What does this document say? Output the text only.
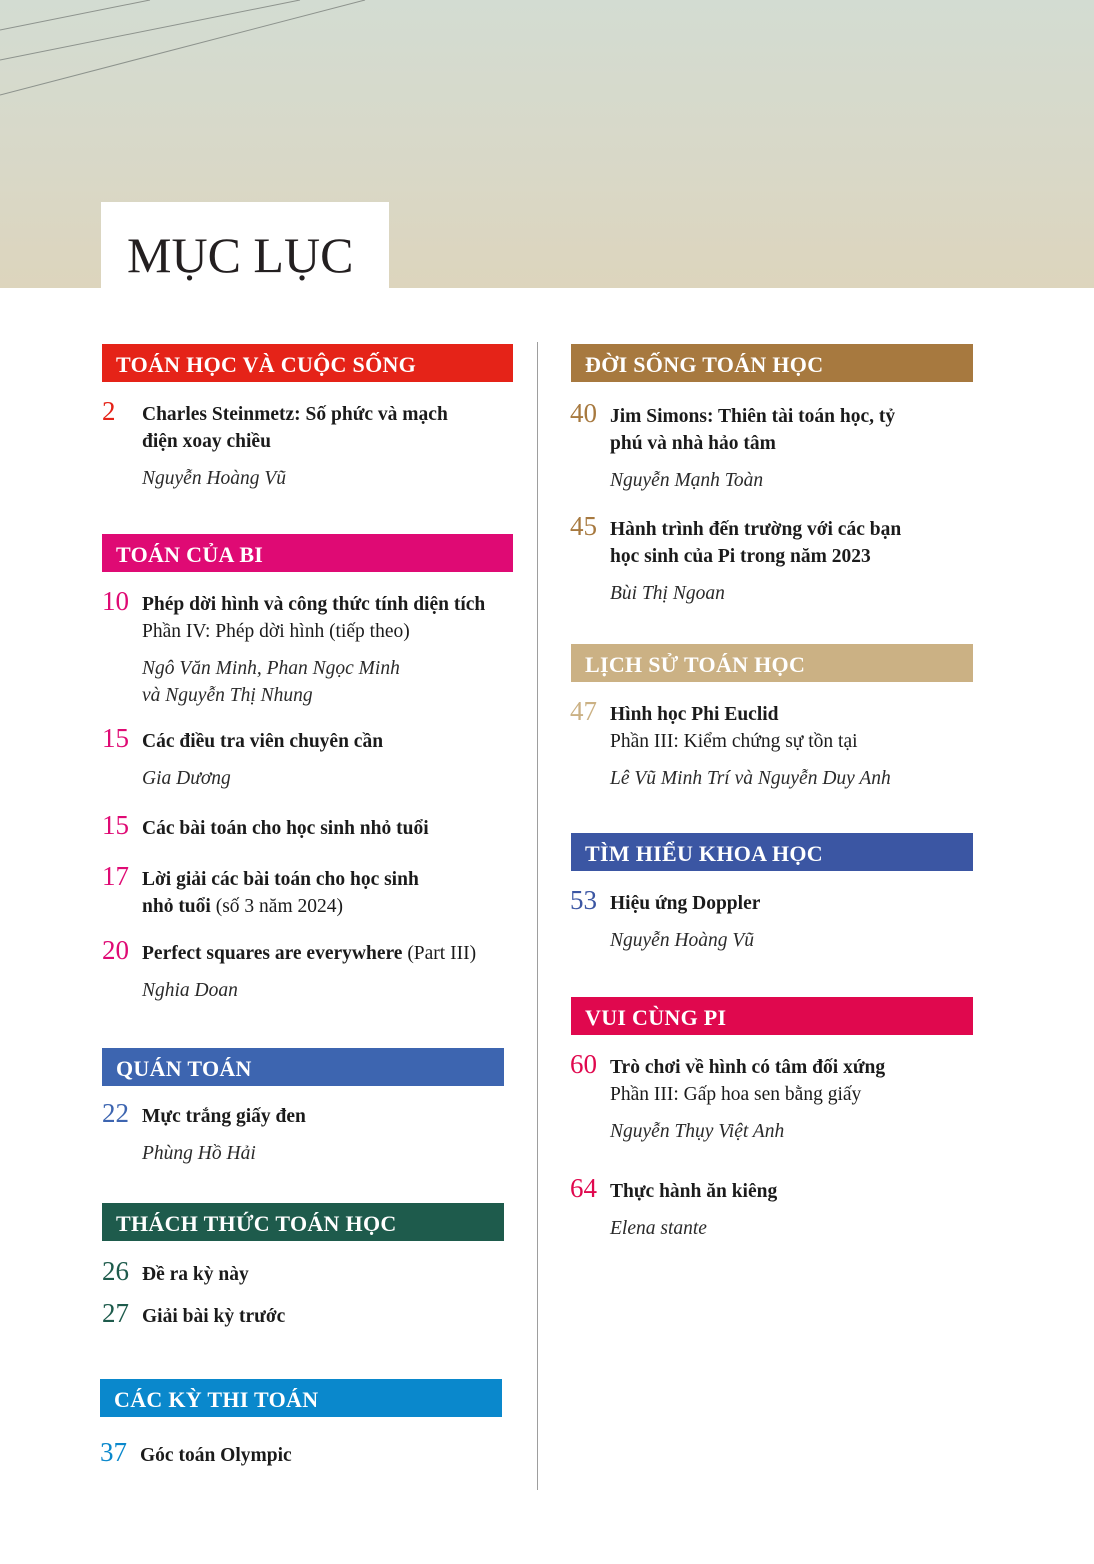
MỤC LỤC
TOÁN HỌC VÀ CUỘC SỐNG
2 Charles Steinmetz: Số phức và mạch điện xoay chiều
Nguyễn Hoàng Vũ
TOÁN CỦA BI
10 Phép dời hình và công thức tính diện tích
Phần IV: Phép dời hình (tiếp theo)
Ngô Văn Minh, Phan Ngọc Minh
và Nguyễn Thị Nhung
15 Các điều tra viên chuyên cần
Gia Dương
15 Các bài toán cho học sinh nhỏ tuổi
17 Lời giải các bài toán cho học sinh
nhỏ tuổi (số 3 năm 2024)
20 Perfect squares are everywhere (Part III)
Nghia Doan
QUÁN TOÁN
22 Mực trắng giấy đen
Phùng Hồ Hải
THÁCH THỨC TOÁN HỌC
26 Đề ra kỳ này
27 Giải bài kỳ trước
CÁC KỲ THI TOÁN
37 Góc toán Olympic
ĐỜI SỐNG TOÁN HỌC
40 Jim Simons: Thiên tài toán học, tỷ
phú và nhà hảo tâm
Nguyễn Mạnh Toàn
45 Hành trình đến trường với các bạn
học sinh của Pi trong năm 2023
Bùi Thị Ngoan
LỊCH SỬ TOÁN HỌC
47 Hình học Phi Euclid
Phần III: Kiểm chứng sự tồn tại
Lê Vũ Minh Trí và Nguyễn Duy Anh
TÌM HIỂU KHOA HỌC
53 Hiệu ứng Doppler
Nguyễn Hoàng Vũ
VUI CÙNG PI
60 Trò chơi về hình có tâm đối xứng
Phần III: Gấp hoa sen bằng giấy
Nguyễn Thụy Việt Anh
64 Thực hành ăn kiêng
Elena stante
